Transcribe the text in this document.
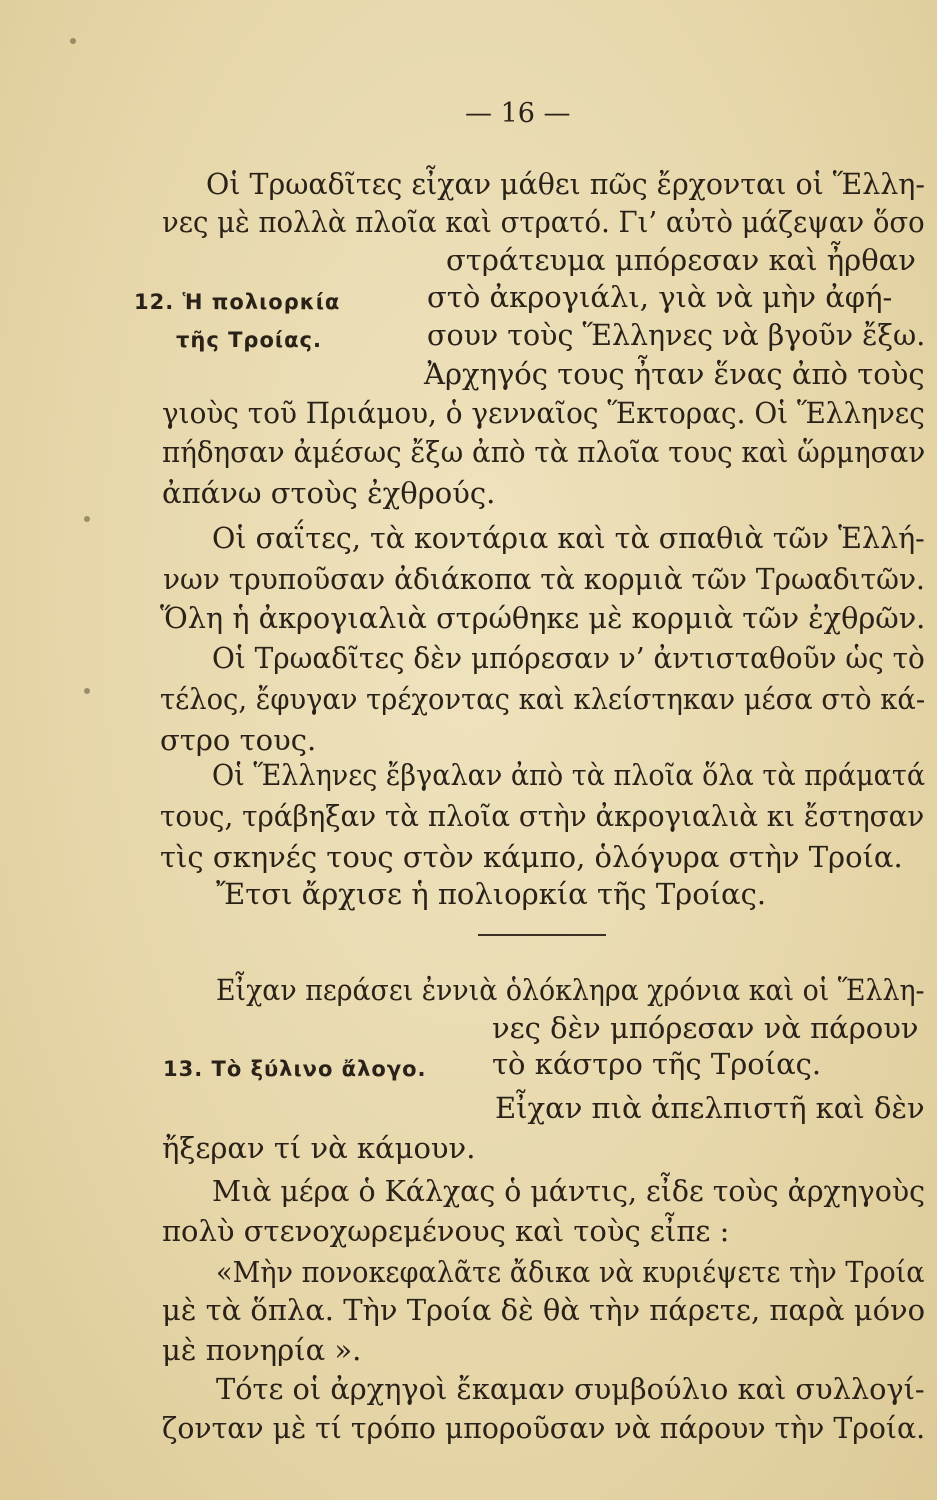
— 16 —
Οἱ Τρωαδῖτες εἶχαν μάθει πῶς ἔρχονται οἱ Ἕλλη-
νες μὲ πολλὰ πλοῖα καὶ στρατό. Γι’ αὐτὸ μάζεψαν ὅσο
στράτευμα μπόρεσαν καὶ ἦρθαν
12. Ἡ πολιορκία	στὸ ἀκρογιάλι, γιὰ νὰ μὴν ἀφή-
τῆς Τροίας.	σουν τοὺς Ἕλληνες νὰ βγοῦν ἔξω.
Ἀρχηγός τους ἦταν ἕνας ἀπὸ τοὺς
γιοὺς τοῦ Πριάμου, ὁ γενναῖος Ἕκτορας. Οἱ Ἕλληνες
πήδησαν ἀμέσως ἔξω ἀπὸ τὰ πλοῖα τους καὶ ὥρμησαν
ἀπάνω στοὺς ἐχθρούς.
Οἱ σαΐτες, τὰ κοντάρια καὶ τὰ σπαθιὰ τῶν Ἑλλή-
νων τρυποῦσαν ἀδιάκοπα τὰ κορμιὰ τῶν Τρωαδιτῶν.
Ὅλη ἡ ἀκρογιαλιὰ στρώθηκε μὲ κορμιὰ τῶν ἐχθρῶν.
Οἱ Τρωαδῖτες δὲν μπόρεσαν ν’ ἀντισταθοῦν ὡς τὸ
τέλος, ἔφυγαν τρέχοντας καὶ κλείστηκαν μέσα στὸ κά-
στρο τους.
Οἱ Ἕλληνες ἔβγαλαν ἀπὸ τὰ πλοῖα ὅλα τὰ πράματά
τους, τράβηξαν τὰ πλοῖα στὴν ἀκρογιαλιὰ κι ἔστησαν
τὶς σκηνές τους στὸν κάμπο, ὁλόγυρα στὴν Τροία.
Ἔτσι ἄρχισε ἡ πολιορκία τῆς Τροίας.
Εἶχαν περάσει ἐννιὰ ὁλόκληρα χρόνια καὶ οἱ Ἕλλη-
νες δὲν μπόρεσαν νὰ πάρουν
13. Τὸ ξύλινο ἄλογο. τὸ κάστρο τῆς Τροίας.
Εἶχαν πιὰ ἀπελπιστῆ καὶ δὲν
ἤξεραν τί νὰ κάμουν.
Μιὰ μέρα ὁ Κάλχας ὁ μάντις, εἶδε τοὺς ἀρχηγοὺς
πολὺ στενοχωρεμένους καὶ τοὺς εἶπε :
«Μὴν πονοκεφαλᾶτε ἄδικα νὰ κυριέψετε τὴν Τροία
μὲ τὰ ὅπλα. Τὴν Τροία δὲ θὰ τὴν πάρετε, παρὰ μόνο
μὲ πονηρία ».
Τότε οἱ ἀρχηγοὶ ἔκαμαν συμβούλιο καὶ συλλογί-
ζονταν μὲ τί τρόπο μποροῦσαν νὰ πάρουν τὴν Τροία.
